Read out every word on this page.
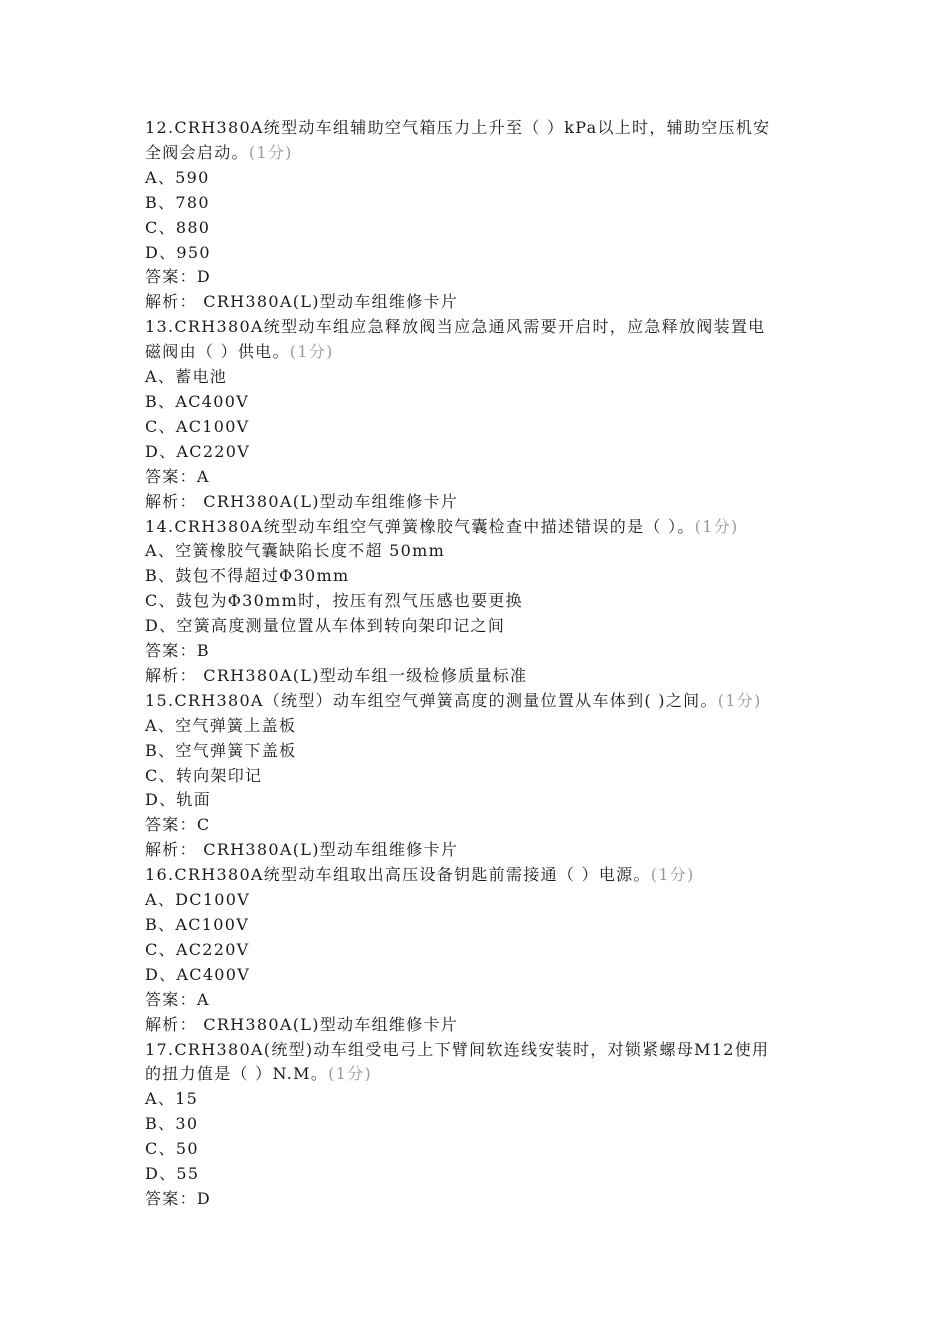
12.CRH380A统型动车组辅助空气箱压力上升至（ ）kPa以上时，辅助空压机安
全阀会启动。(1分)
A、590
B、780
C、880
D、950
答案：D
解析： CRH380A(L)型动车组维修卡片
13.CRH380A统型动车组应急释放阀当应急通风需要开启时，应急释放阀装置电
磁阀由（ ）供电。(1分)
A、蓄电池
B、AC400V
C、AC100V
D、AC220V
答案：A
解析： CRH380A(L)型动车组维修卡片
14.CRH380A统型动车组空气弹簧橡胶气囊检查中描述错误的是（ ）。(1分)
A、空簧橡胶气囊缺陷长度不超 50mm
B、鼓包不得超过Φ30mm
C、鼓包为Φ30mm时，按压有烈气压感也要更换
D、空簧高度测量位置从车体到转向架印记之间
答案：B
解析： CRH380A(L)型动车组一级检修质量标准
15.CRH380A（统型）动车组空气弹簧高度的测量位置从车体到( )之间。(1分)
A、空气弹簧上盖板
B、空气弹簧下盖板
C、转向架印记
D、轨面
答案：C
解析： CRH380A(L)型动车组维修卡片
16.CRH380A统型动车组取出高压设备钥匙前需接通（ ）电源。(1分)
A、DC100V
B、AC100V
C、AC220V
D、AC400V
答案：A
解析： CRH380A(L)型动车组维修卡片
17.CRH380A(统型)动车组受电弓上下臂间软连线安装时，对锁紧螺母M12使用
的扭力值是（ ）N.M。(1分)
A、15
B、30
C、50
D、55
答案：D
